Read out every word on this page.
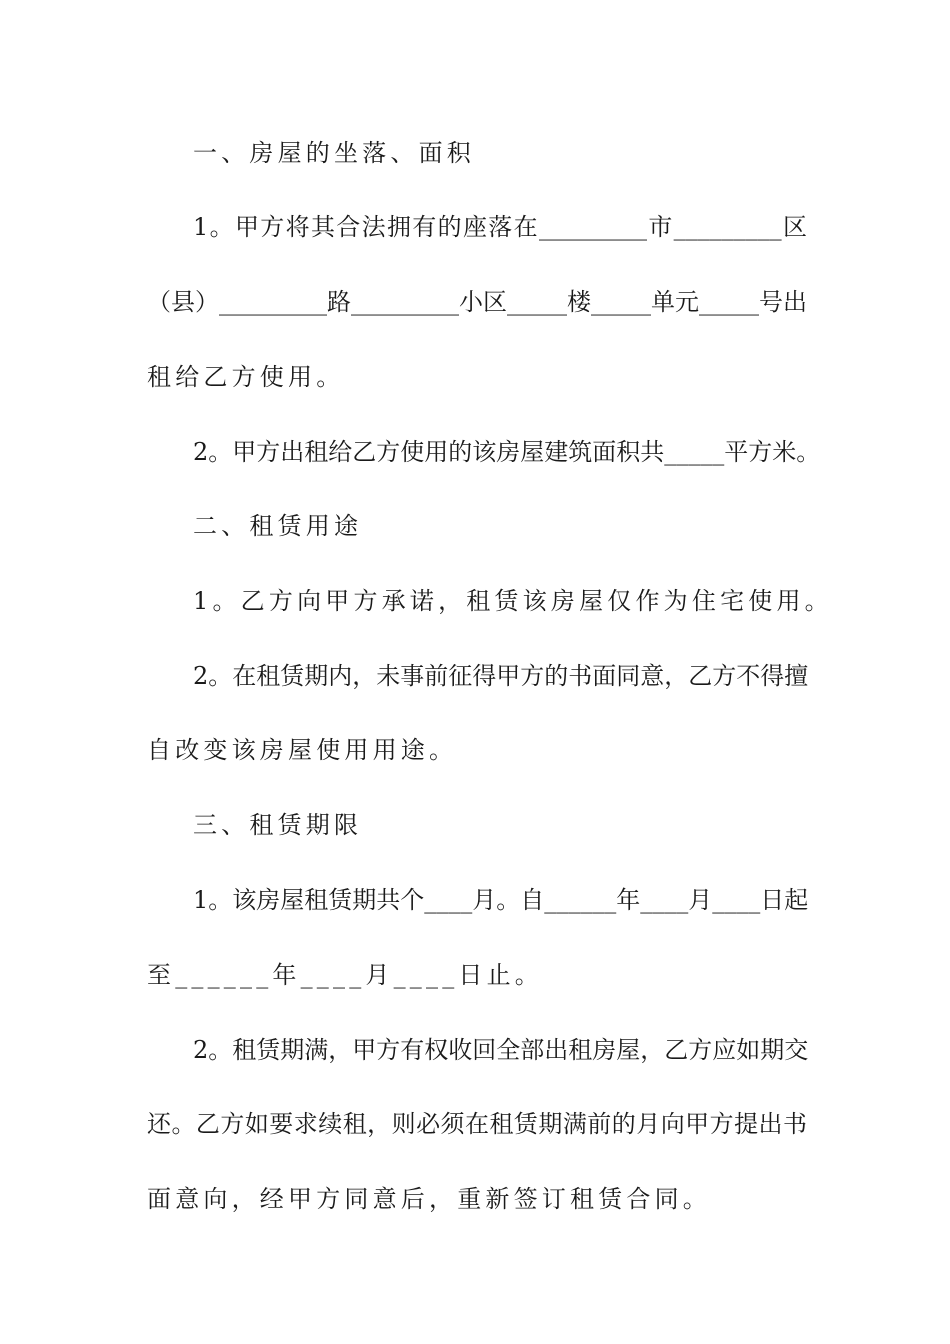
一、房屋的坐落、面积
1。甲方将其合法拥有的座落在_________市_________区
（县）_________路_________小区_____楼_____单元_____号出
租给乙方使用。
2。甲方出租给乙方使用的该房屋建筑面积共_____平方米。
二、租赁用途
1。乙方向甲方承诺，租赁该房屋仅作为住宅使用。
2。在租赁期内，未事前征得甲方的书面同意，乙方不得擅
自改变该房屋使用用途。
三、租赁期限
1。该房屋租赁期共个____月。自______年____月____日起
至______年____月____日止。
2。租赁期满，甲方有权收回全部出租房屋，乙方应如期交
还。乙方如要求续租，则必须在租赁期满前的月向甲方提出书
面意向，经甲方同意后，重新签订租赁合同。
